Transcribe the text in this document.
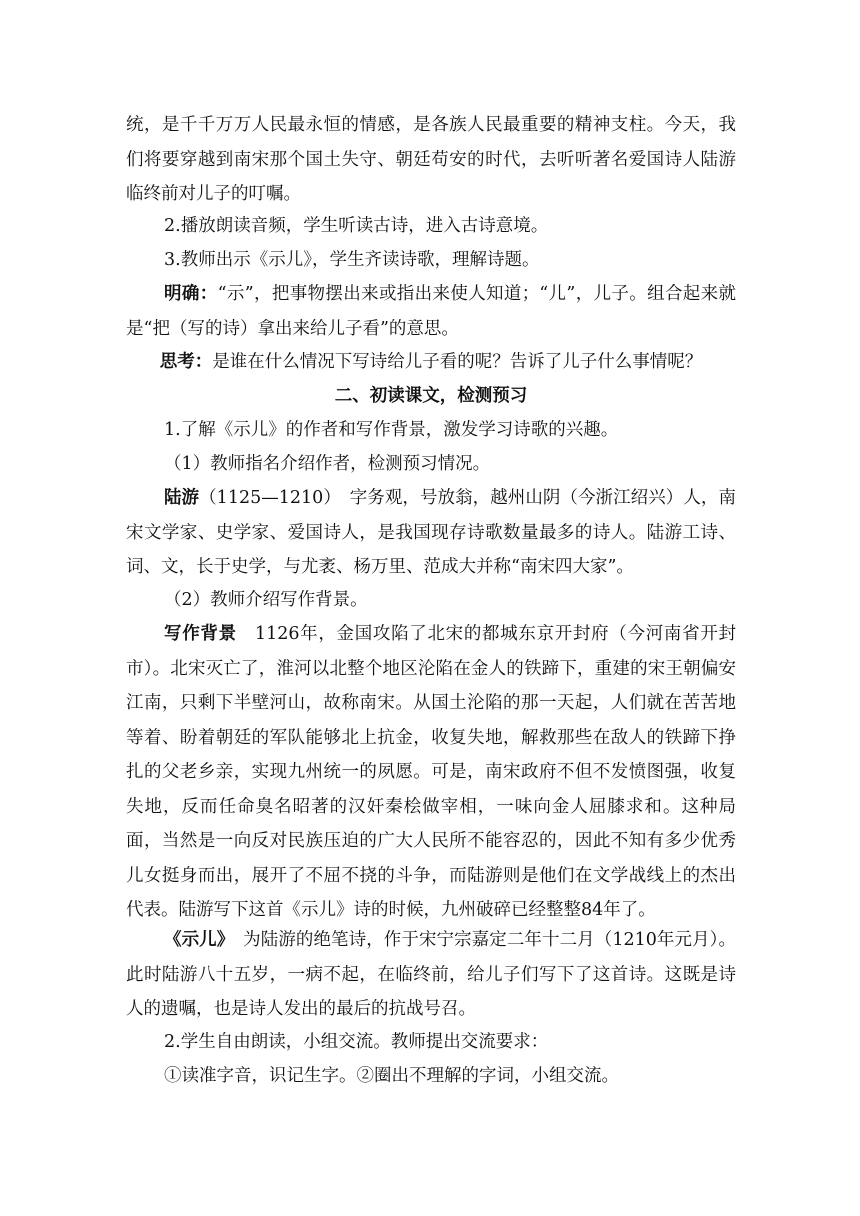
统，是千千万万人民最永恒的情感，是各族人民最重要的精神支柱。今天，我们将要穿越到南宋那个国土失守、朝廷苟安的时代，去听听著名爱国诗人陆游临终前对儿子的叮嘱。

2.播放朗读音频，学生听读古诗，进入古诗意境。

3.教师出示《示儿》，学生齐读诗歌，理解诗题。

明确：“示”，把事物摆出来或指出来使人知道；“儿”，儿子。组合起来就是“把（写的诗）拿出来给儿子看”的意思。

思考：是谁在什么情况下写诗给儿子看的呢？告诉了儿子什么事情呢？

二、初读课文，检测预习

1.了解《示儿》的作者和写作背景，激发学习诗歌的兴趣。

（1）教师指名介绍作者，检测预习情况。

陆游（1125—1210）　字务观，号放翁，越州山阴（今浙江绍兴）人，南宋文学家、史学家、爱国诗人，是我国现存诗歌数量最多的诗人。陆游工诗、词、文，长于史学，与尤袤、杨万里、范成大并称“南宋四大家”。

（2）教师介绍写作背景。

写作背景　1126年，金国攻陷了北宋的都城东京开封府（今河南省开封市）。北宋灭亡了，淮河以北整个地区沦陷在金人的铁蹄下，重建的宋王朝偏安江南，只剩下半壁河山，故称南宋。从国土沦陷的那一天起，人们就在苦苦地等着、盼着朝廷的军队能够北上抗金，收复失地，解救那些在敌人的铁蹄下挣扎的父老乡亲，实现九州统一的夙愿。可是，南宋政府不但不发愤图强，收复失地，反而任命臭名昭著的汉奸秦桧做宰相，一味向金人屈膝求和。这种局面，当然是一向反对民族压迫的广大人民所不能容忍的，因此不知有多少优秀儿女挺身而出，展开了不屈不挠的斗争，而陆游则是他们在文学战线上的杰出代表。陆游写下这首《示儿》诗的时候，九州破碎已经整整84年了。

《示儿》　为陆游的绝笔诗，作于宋宁宗嘉定二年十二月（1210年元月）。此时陆游八十五岁，一病不起，在临终前，给儿子们写下了这首诗。这既是诗人的遗嘱，也是诗人发出的最后的抗战号召。

2.学生自由朗读，小组交流。教师提出交流要求：

①读准字音，识记生字。②圈出不理解的字词，小组交流。
